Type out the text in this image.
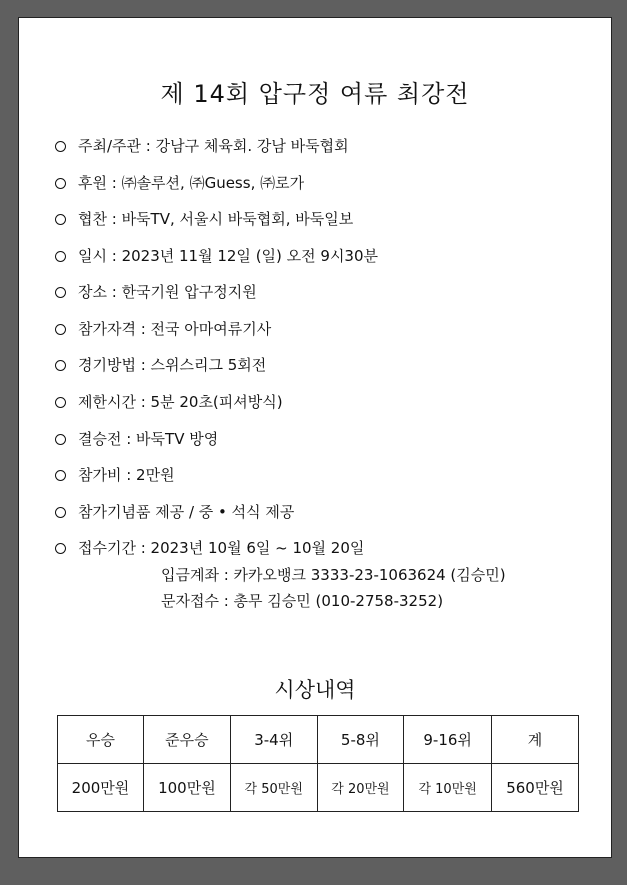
제 14회 압구정 여류 최강전
주최/주관 : 강남구 체육회. 강남 바둑협회
후원 : ㈜솔루션, ㈜Guess, ㈜로가
협찬 : 바둑TV, 서울시 바둑협회, 바둑일보
일시 : 2023년 11월 12일 (일) 오전 9시30분
장소 : 한국기원 압구정지원
참가자격 : 전국 아마여류기사
경기방법 : 스위스리그 5회전
제한시간 : 5분 20초(피셔방식)
결승전 : 바둑TV 방영
참가비 : 2만원
참가기념품 제공 / 중 • 석식 제공
접수기간 : 2023년 10월 6일 ~ 10월 20일
입금계좌 : 카카오뱅크 3333-23-1063624 (김승민)
문자접수 : 총무 김승민 (010-2758-3252)
시상내역
우승	준우승	3-4위	5-8위	9-16위	계
200만원	100만원	각 50만원	각 20만원	각 10만원	560만원
